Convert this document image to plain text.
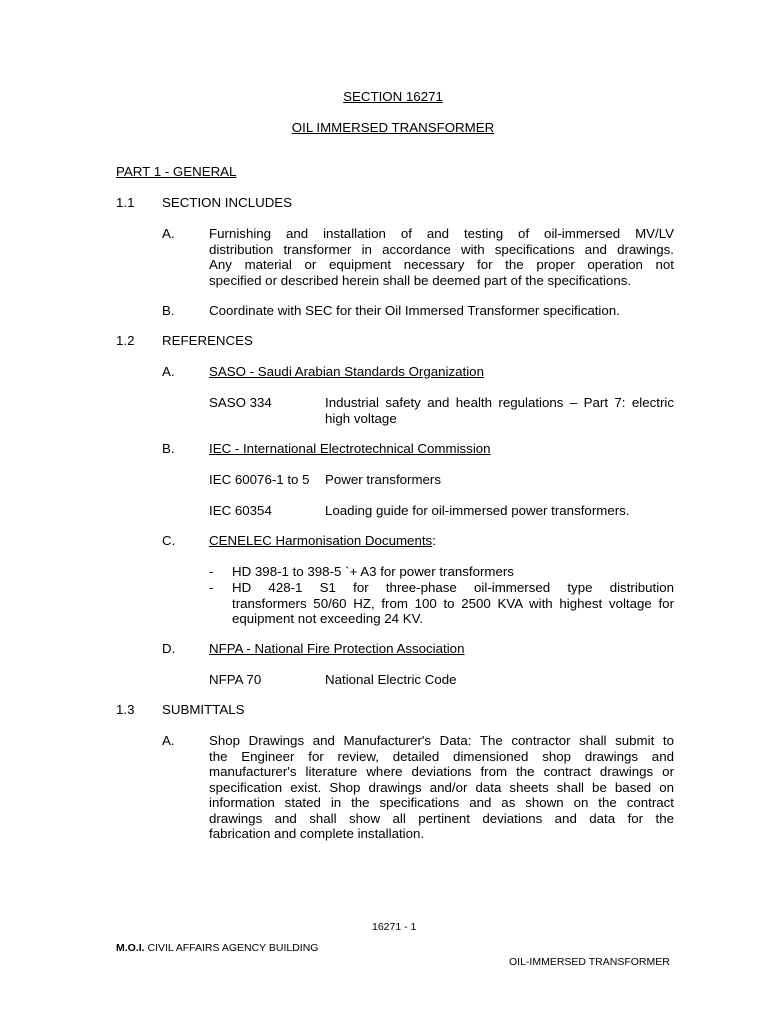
SECTION 16271
OIL IMMERSED TRANSFORMER
PART 1 - GENERAL
1.1 SECTION INCLUDES
A.	Furnishing and installation of and testing of oil-immersed MV/LV
distribution transformer in accordance with specifications and drawings.
Any material or equipment necessary for the proper operation not
specified or described herein shall be deemed part of the specifications.
B.	Coordinate with SEC for their Oil Immersed Transformer specification.
1.2 REFERENCES
A.	SASO - Saudi Arabian Standards Organization
SASO 334	Industrial safety and health regulations – Part 7: electric
high voltage
B.	IEC - International Electrotechnical Commission
IEC 60076-1 to 5 Power transformers
IEC 60354	Loading guide for oil-immersed power transformers.
C.	CENELEC Harmonisation Documents:
- HD 398-1 to 398-5 `+ A3 for power transformers
- HD 428-1 S1 for three-phase oil-immersed type distribution
transformers 50/60 HZ, from 100 to 2500 KVA with highest voltage for
equipment not exceeding 24 KV.
D.	NFPA - National Fire Protection Association
NFPA 70	National Electric Code
1.3 SUBMITTALS
A.	Shop Drawings and Manufacturer's Data: The contractor shall submit to
the Engineer for review, detailed dimensioned shop drawings and
manufacturer's literature where deviations from the contract drawings or
specification exist. Shop drawings and/or data sheets shall be based on
information stated in the specifications and as shown on the contract
drawings and shall show all pertinent deviations and data for the
fabrication and complete installation.
16271 - 1
M.O.I. CIVIL AFFAIRS AGENCY BUILDING
OIL-IMMERSED TRANSFORMER
